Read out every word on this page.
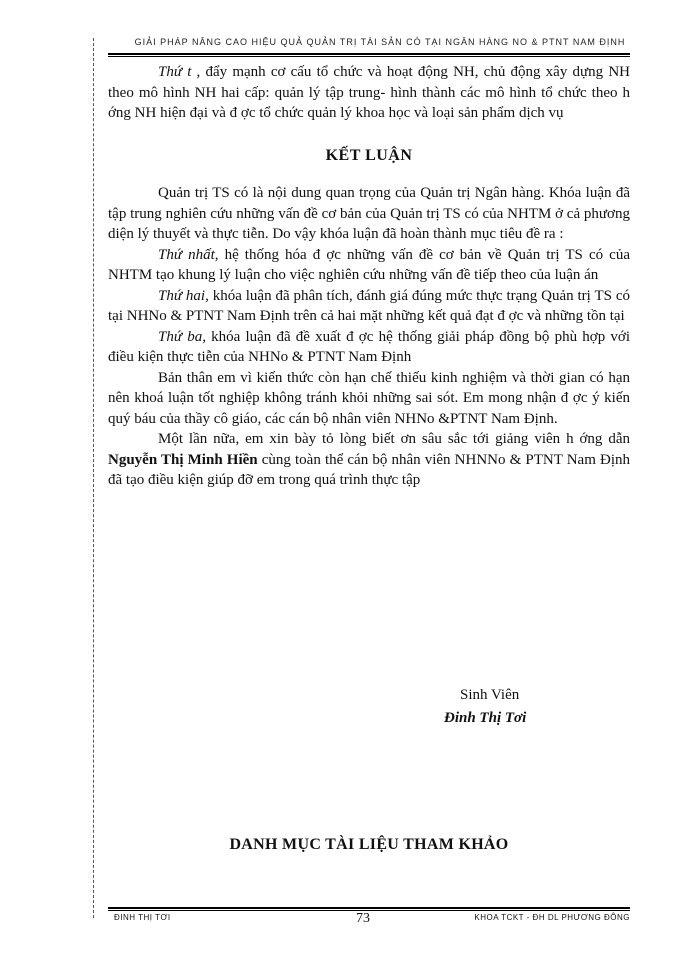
GIẢI PHÁP NÂNG CAO HIỆU QUẢ QUẢN TRỊ TÀI SẢN CÓ TẠI NGÂN HÀNG NO & PTNT NAM ĐỊNH

Thứ t , đẩy mạnh cơ cấu tổ chức và hoạt động NH, chủ động xây dựng NH theo mô hình NH hai cấp: quản lý tập trung- hình thành các mô hình tổ chức theo h ớng NH hiện đại và đ ợc tổ chức quản lý khoa học và loại sản phẩm dịch vụ

KẾT LUẬN

Quản trị TS có là nội dung quan trọng của Quản trị Ngân hàng. Khóa luận đã tập trung nghiên cứu những vấn đề cơ bản của Quản trị TS có của NHTM ở cả phương diện lý thuyết và thực tiễn. Do vậy khóa luận đã hoàn thành mục tiêu đề ra :

Thứ nhất, hệ thống hóa đ ợc những vấn đề cơ bản về Quản trị TS có của NHTM tạo khung lý luận cho việc nghiên cứu những vấn đề tiếp theo của luận án

Thứ hai, khóa luận đã phân tích, đánh giá đúng mức thực trạng Quản trị TS có tại NHNo & PTNT Nam Định trên cả hai mặt những kết quả đạt đ ợc và những tồn tại

Thứ ba, khóa luận đã đề xuất đ ợc hệ thống giải pháp đồng bộ phù hợp với điều kiện thực tiễn của NHNo & PTNT Nam Định

Bản thân em vì kiến thức còn hạn chế thiếu kinh nghiệm và thời gian có hạn nên khoá luận tốt nghiệp không tránh khỏi những sai sót. Em mong nhận đ ợc ý kiến quý báu của thầy cô giáo, các cán bộ nhân viên NHNo &PTNT Nam Định.

Một lần nữa, em xin bày tỏ lòng biết ơn sâu sắc tới giảng viên h ớng dẫn Nguyễn Thị Minh Hiền cùng toàn thể cán bộ nhân viên NHNNo & PTNT Nam Định đã tạo điều kiện giúp đỡ em trong quá trình thực tập

Sinh Viên
Đinh Thị Tơi
DANH MỤC TÀI LIỆU THAM KHẢO
ĐINH THỊ TƠI	73	KHOA TCKT - ĐH DL PHƯƠNG ĐÔNG
